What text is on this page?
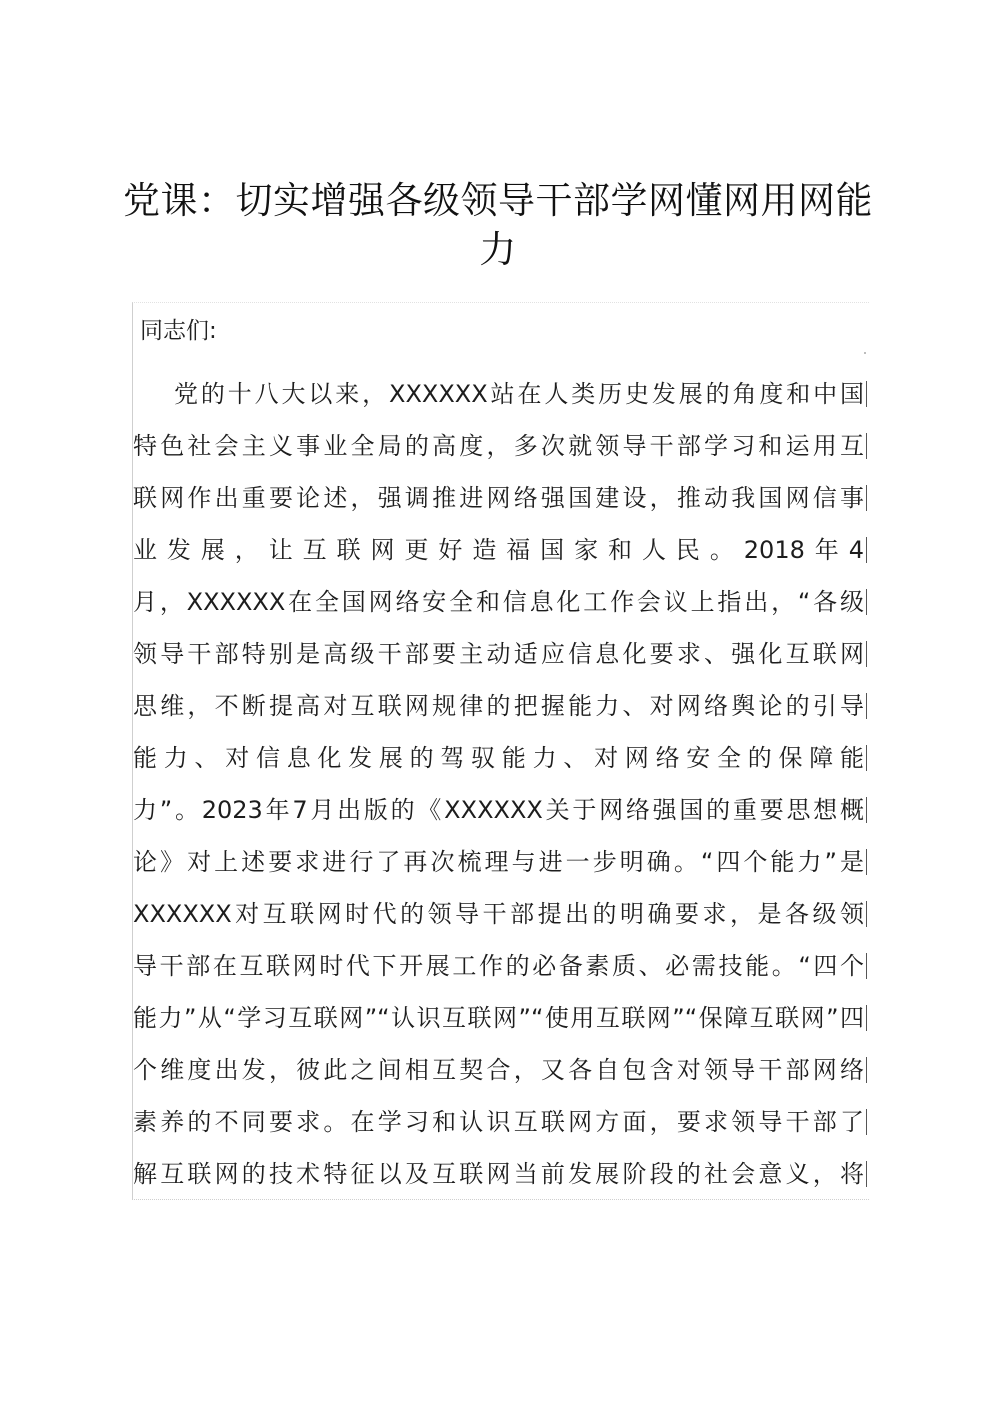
党课：切实增强各级领导干部学网懂网用网能力

同志们:

党的十八大以来，XXXXXX站在人类历史发展的角度和中国

特色社会主义事业全局的高度，多次就领导干部学习和运用互

联网作出重要论述，强调推进网络强国建设，推动我国网信事

业发展，让互联网更好造福国家和人民。2018年4

月，XXXXXX在全国网络安全和信息化工作会议上指出，“各级

领导干部特别是高级干部要主动适应信息化要求、强化互联网

思维，不断提高对互联网规律的把握能力、对网络舆论的引导

能力、对信息化发展的驾驭能力、对网络安全的保障能

力”。2023年7月出版的《XXXXXX关于网络强国的重要思想概

论》对上述要求进行了再次梳理与进一步明确。“四个能力”是

XXXXXX对互联网时代的领导干部提出的明确要求，是各级领

导干部在互联网时代下开展工作的必备素质、必需技能。“四个

能力”从“学习互联网”“认识互联网”“使用互联网”“保障互联网”四

个维度出发，彼此之间相互契合，又各自包含对领导干部网络

素养的不同要求。在学习和认识互联网方面，要求领导干部了

解互联网的技术特征以及互联网当前发展阶段的社会意义，将
